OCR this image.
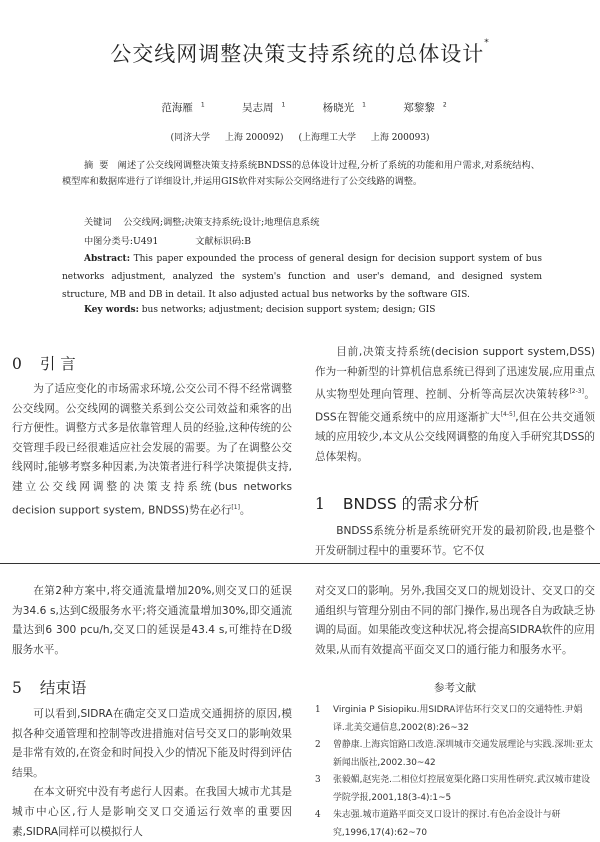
公交线网调整决策支持系统的总体设计*
范海雁 $^1$	吴志周 $^1$	杨晓光 $^1$	郑黎黎 $^2$
(同济大学 上海 200092) (上海理工大学 上海 200093)
摘要 阐述了公交线网调整决策支持系统BNDSS的总体设计过程,分析了系统的功能和用户需求,对系统结构、模型库和数据库进行了详细设计,并运用GIS软件对实际公交网络进行了公交线路的调整。
关键词 公交线网;调整;决策支持系统;设计;地理信息系统
中图分类号:U491	文献标识码:B
Abstract: This paper expounded the process of general design for decision support system of bus networks adjustment, analyzed the system's function and user's demand, and designed system structure, MB and DB in detail. It also adjusted actual bus networks by the software GIS.
Key words: bus networks; adjustment; decision support system; design; GIS
0 引 言

为了适应变化的市场需求环境,公交公司不得不经常调整公交线网。公交线网的调整关系到公交公司效益和乘客的出行方便性。调整方式多是依靠管理人员的经验,这种传统的公交管理手段已经很难适应社会发展的需要。为了在调整公交线网时,能够考察多种因素,为决策者进行科学决策提供支持,建立公交线网调整的决策支持系统(bus networks decision support system, BNDSS)势在必行[1]。

目前,决策支持系统(decision support system,DSS)作为一种新型的计算机信息系统已得到了迅速发展,应用重点从实物型处理向管理、控制、分析等高层次决策转移[2-3]。DSS在智能交通系统中的应用逐渐扩大[4-5],但在公共交通领域的应用较少,本文从公交线网调整的角度入手研究其DSS的总体架构。

1 BNDSS 的需求分析

BNDSS系统分析是系统研究开发的最初阶段,也是整个开发研制过程中的重要环节。它不仅

在第2种方案中,将交通流量增加20%,则交叉口的延误为34.6 s,达到C级服务水平;将交通流量增加30%,即交通流量达到6 300 pcu/h,交叉口的延误是43.4 s,可维持在D级服务水平。

5 结束语

可以看到,SIDRA在确定交叉口造成交通拥挤的原因,模拟各种交通管理和控制等改进措施对信号交叉口的影响效果是非常有效的,在资金和时间投入少的情况下能及时得到评估结果。

在本文研究中没有考虑行人因素。在我国大城市尤其是城市中心区,行人是影响交叉口交通运行效率的重要因素,SIDRA同样可以模拟行人

对交叉口的影响。另外,我国交叉口的规划设计、交叉口的交通组织与管理分别由不同的部门操作,易出现各自为政缺乏协调的局面。如果能改变这种状况,将会提高SIDRA软件的应用效果,从而有效提高平面交叉口的通行能力和服务水平。

参考文献
1 Virginia P Sisiopiku.用SIDRA评估环行交叉口的交通特性.尹娟 译.北美交通信息,2002(8):26~32
2 曾静康.上海宾馆路口改造.深圳城市交通发展理论与实践.深圳:亚太新闻出版社,2002.30~42
3 张毅媚,赵宪尧.二相位灯控展宽渠化路口实用性研究.武汉城市建设学院学报,2001,18(3-4):1~5
4 朱志强.城市道路平面交叉口设计的探讨.有色冶金设计与研究,1996,17(4):62~70
